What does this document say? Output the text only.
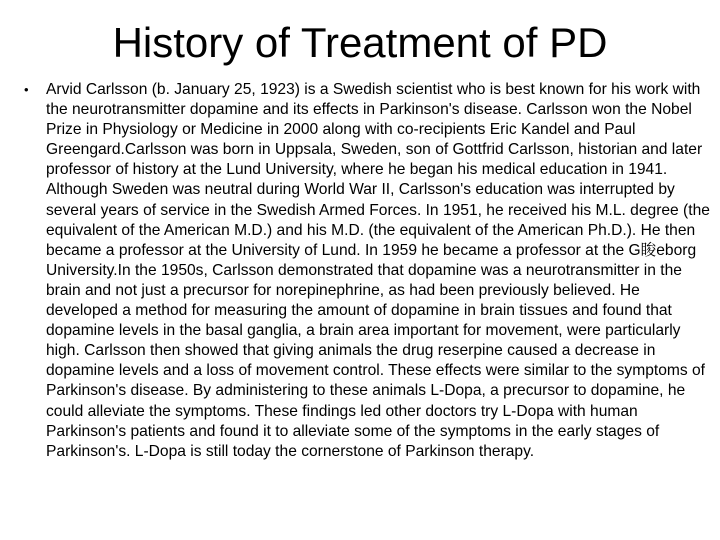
History of Treatment of PD
• Arvid Carlsson (b. January 25, 1923) is a Swedish scientist who is best known for his work with the neurotransmitter dopamine and its effects in Parkinson's disease. Carlsson won the Nobel Prize in Physiology or Medicine in 2000 along with co-recipients Eric Kandel and Paul Greengard.Carlsson was born in Uppsala, Sweden, son of Gottfrid Carlsson, historian and later professor of history at the Lund University, where he began his medical education in 1941. Although Sweden was neutral during World War II, Carlsson's education was interrupted by several years of service in the Swedish Armed Forces. In 1951, he received his M.L. degree (the equivalent of the American M.D.) and his M.D. (the equivalent of the American Ph.D.). He then became a professor at the University of Lund. In 1959 he became a professor at the G睃eborg University.In the 1950s, Carlsson demonstrated that dopamine was a neurotransmitter in the brain and not just a precursor for norepinephrine, as had been previously believed. He developed a method for measuring the amount of dopamine in brain tissues and found that dopamine levels in the basal ganglia, a brain area important for movement, were particularly high. Carlsson then showed that giving animals the drug reserpine caused a decrease in dopamine levels and a loss of movement control. These effects were similar to the symptoms of Parkinson's disease. By administering to these animals L-Dopa, a precursor to dopamine, he could alleviate the symptoms. These findings led other doctors try L-Dopa with human Parkinson's patients and found it to alleviate some of the symptoms in the early stages of Parkinson's. L-Dopa is still today the cornerstone of Parkinson therapy.
